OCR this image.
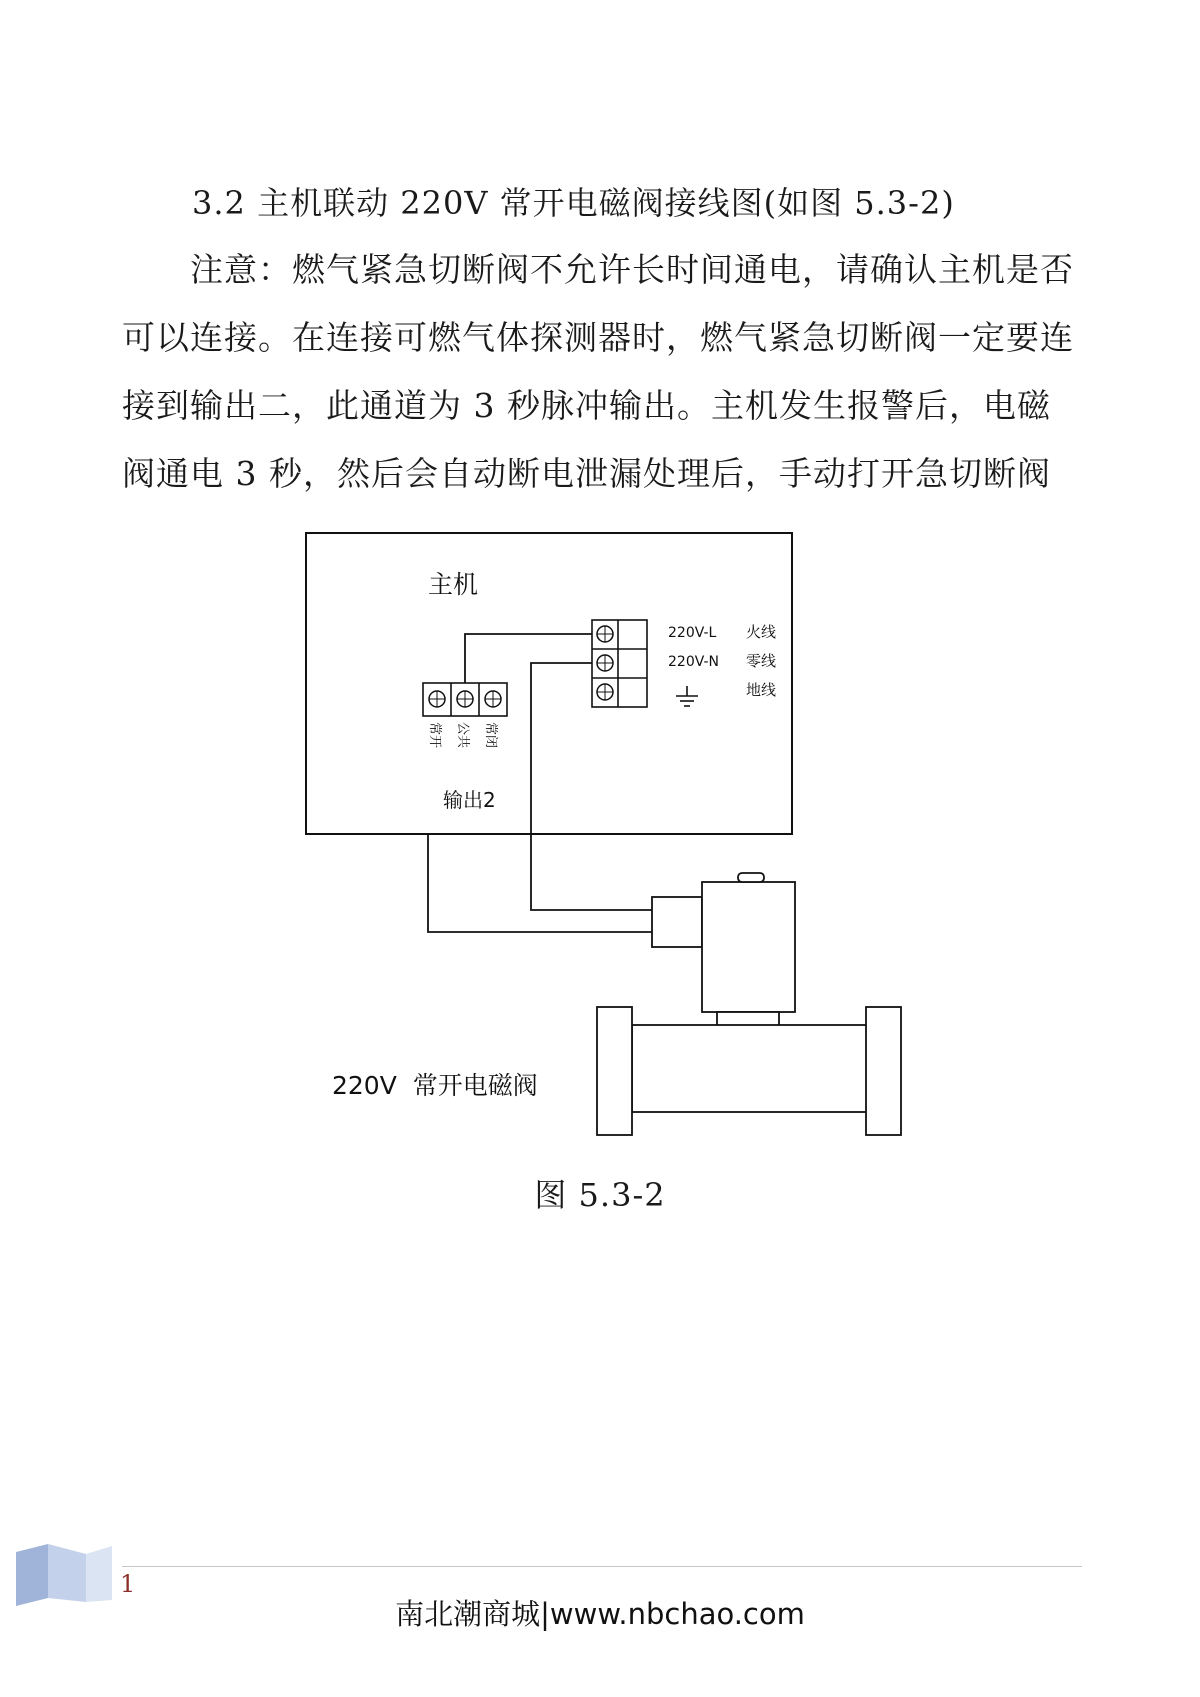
3.2 主机联动 220V 常开电磁阀接线图(如图 5.3-2)
注意：燃气紧急切断阀不允许长时间通电，请确认主机是否可以连接。在连接可燃气体探测器时，燃气紧急切断阀一定要连接到输出二，此通道为 3 秒脉冲输出。主机发生报警后，电磁阀通电 3 秒，然后会自动断电泄漏处理后，手动打开急切断阀
主机
220V-L
220V-N
火线
零线
地线
常开 公共 常闭
输出2
220V  常开电磁阀
图 5.3-2
1
南北潮商城|www.nbchao.com
